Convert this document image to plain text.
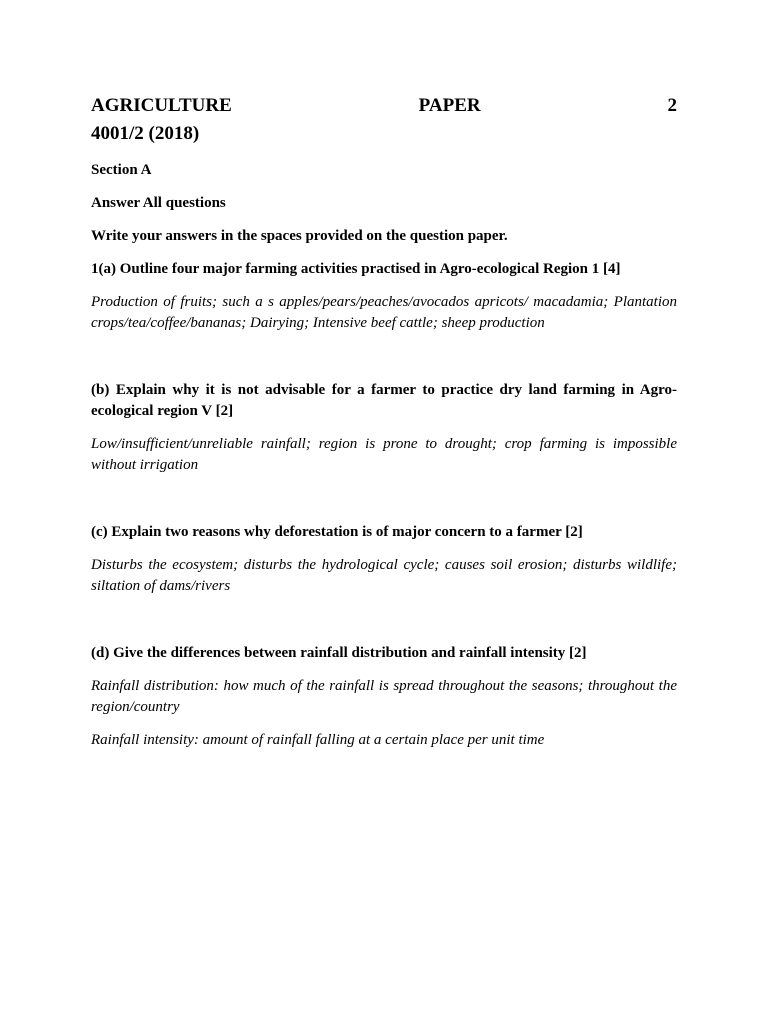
AGRICULTURE	PAPER	2
4001/2 (2018)

Section A

Answer All questions

Write your answers in the spaces provided on the question paper.

1(a) Outline four major farming activities practised in Agro-ecological Region 1 [4]

Production of fruits; such a s apples/pears/peaches/avocados apricots/ macadamia; Plantation crops/tea/coffee/bananas; Dairying; Intensive beef cattle; sheep production

(b) Explain why it is not advisable for a farmer to practice dry land farming in Agro-ecological region V [2]

Low/insufficient/unreliable rainfall; region is prone to drought; crop farming is impossible without irrigation

(c) Explain two reasons why deforestation is of major concern to a farmer [2]

Disturbs the ecosystem; disturbs the hydrological cycle; causes soil erosion; disturbs wildlife; siltation of dams/rivers

(d) Give the differences between rainfall distribution and rainfall intensity [2]

Rainfall distribution: how much of the rainfall is spread throughout the seasons; throughout the region/country

Rainfall intensity: amount of rainfall falling at a certain place per unit time
